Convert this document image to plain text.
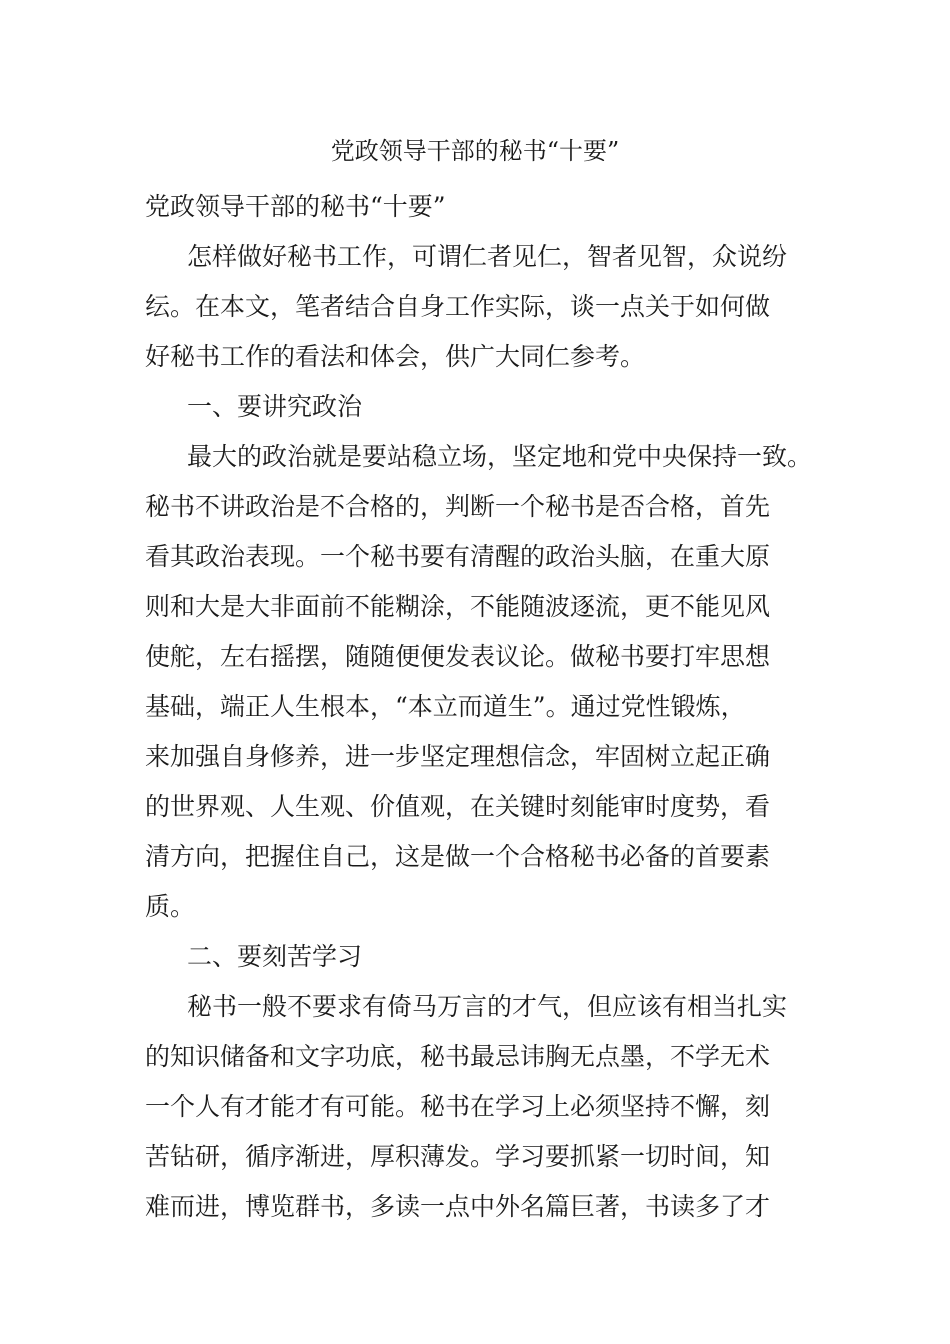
党政领导干部的秘书“十要”
党政领导干部的秘书“十要”
怎样做好秘书工作，可谓仁者见仁，智者见智，众说纷
纭。在本文，笔者结合自身工作实际，谈一点关于如何做
好秘书工作的看法和体会，供广大同仁参考。
一、要讲究政治
最大的政治就是要站稳立场，坚定地和党中央保持一致。
秘书不讲政治是不合格的，判断一个秘书是否合格，首先
看其政治表现。一个秘书要有清醒的政治头脑，在重大原
则和大是大非面前不能糊涂，不能随波逐流，更不能见风
使舵，左右摇摆，随随便便发表议论。做秘书要打牢思想
基础，端正人生根本，“本立而道生”。通过党性锻炼，
来加强自身修养，进一步坚定理想信念，牢固树立起正确
的世界观、人生观、价值观，在关键时刻能审时度势，看
清方向，把握住自己，这是做一个合格秘书必备的首要素
质。
二、要刻苦学习
秘书一般不要求有倚马万言的才气，但应该有相当扎实
的知识储备和文字功底，秘书最忌讳胸无点墨，不学无术
一个人有才能才有可能。秘书在学习上必须坚持不懈，刻
苦钻研，循序渐进，厚积薄发。学习要抓紧一切时间，知
难而进，博览群书，多读一点中外名篇巨著，书读多了才
